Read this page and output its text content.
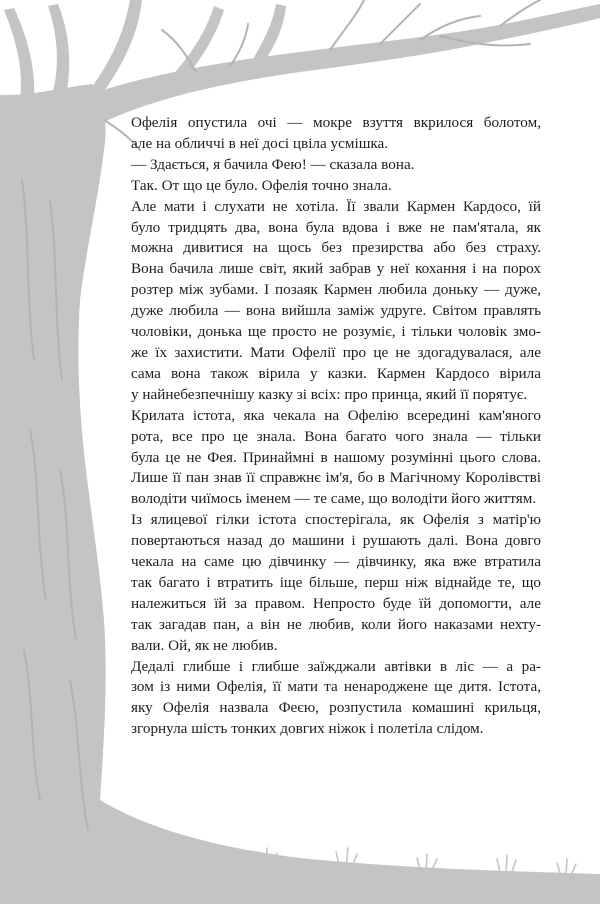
Офелія опустила очі — мокре взуття вкрилося болотом,
але на обличчі в неї досі цвіла усмішка.
— Здається, я бачила Фею! — сказала вона.
Так. От що це було. Офелія точно знала.
Але мати і слухати не хотіла. Її звали Кармен Кардосо, їй
було тридцять два, вона була вдова і вже не пам'ятала, як
можна дивитися на щось без презирства або без страху.
Вона бачила лише світ, який забрав у неї кохання і на порох
розтер між зубами. І позаяк Кармен любила доньку — дуже,
дуже любила — вона вийшла заміж удруге. Світом правлять
чоловіки, донька ще просто не розуміє, і тільки чоловік змо-
же їх захистити. Мати Офелії про це не здогадувалася, але
сама вона також вірила у казки. Кармен Кардосо вірила
у найнебезпечнішу казку зі всіх: про принца, який її порятує.
Крилата істота, яка чекала на Офелію всередині кам'яного
рота, все про це знала. Вона багато чого знала — тільки
була це не Фея. Принаймні в нашому розумінні цього слова.
Лише її пан знав її справжнє ім'я, бо в Магічному Королівстві
володіти чиїмось іменем — те саме, що володіти його життям.
Із ялицевої гілки істота спостерігала, як Офелія з матір'ю
повертаються назад до машини і рушають далі. Вона довго
чекала на саме цю дівчинку — дівчинку, яка вже втратила
так багато і втратить іще більше, перш ніж віднайде те, що
належиться їй за правом. Непросто буде їй допомогти, але
так загадав пан, а він не любив, коли його наказами нехту-
вали. Ой, як не любив.
Дедалі глибше і глибше заїжджали автівки в ліс — а ра-
зом із ними Офелія, її мати та ненароджене ще дитя. Істота,
яку Офелія назвала Феєю, розпустила комашині крильця,
згорнула шість тонких довгих ніжок і полетіла слідом.
